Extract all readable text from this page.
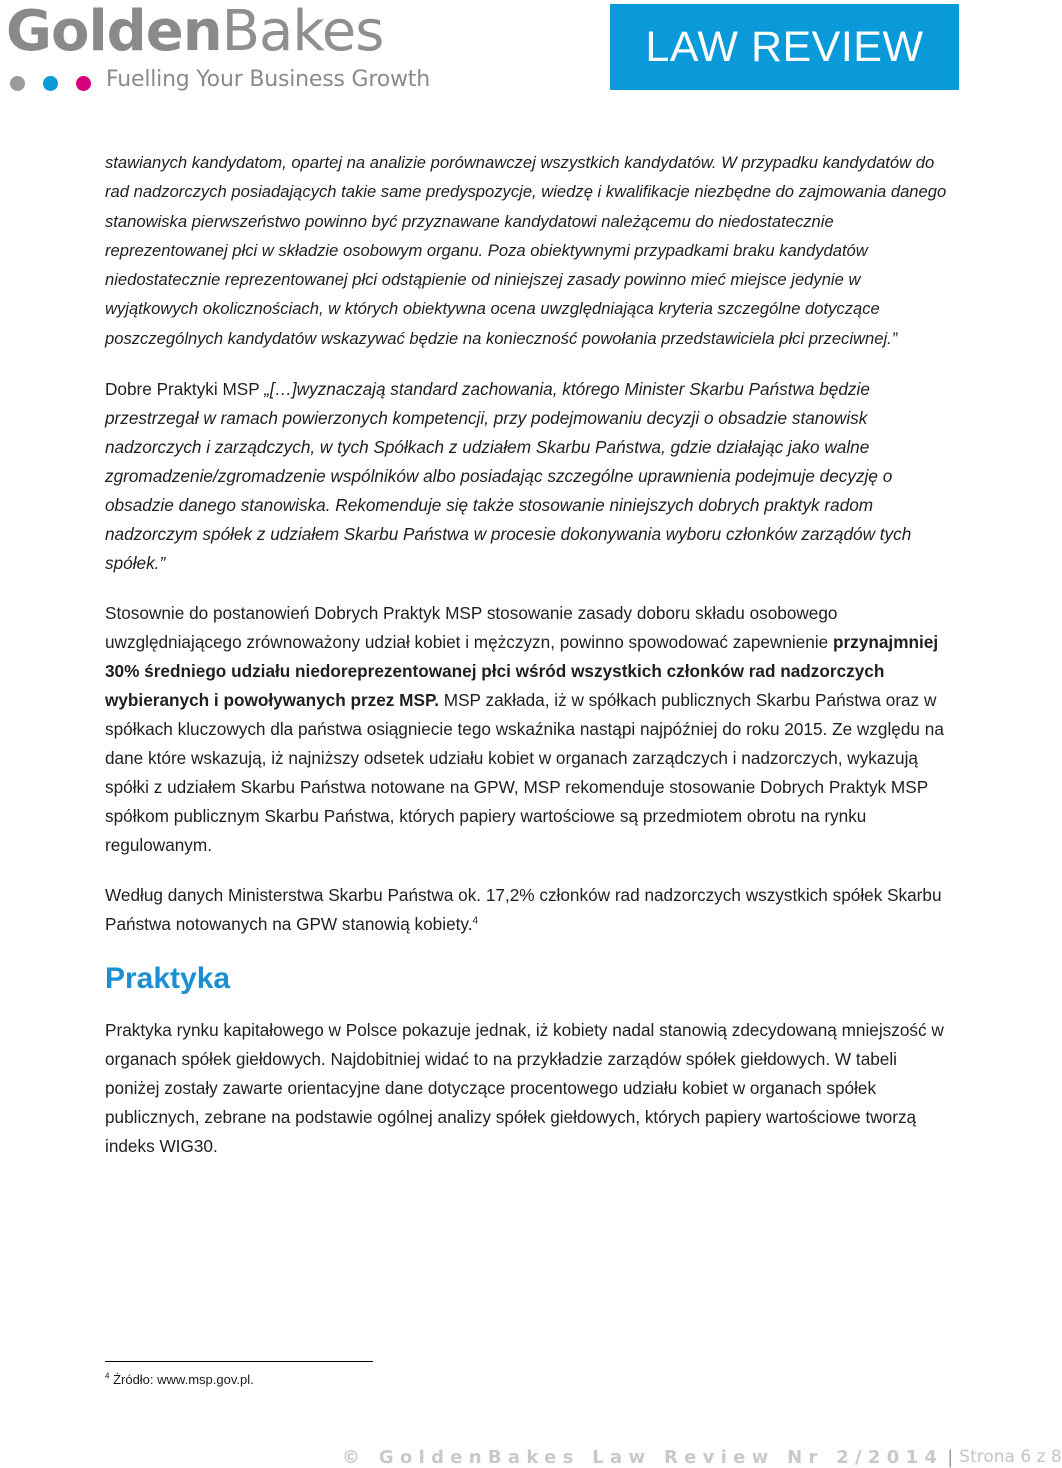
GoldenBakes
Fuelling Your Business Growth
LAW REVIEW

stawianych kandydatom, opartej na analizie porównawczej wszystkich kandydatów. W przypadku kandydatów do rad nadzorczych posiadających takie same predyspozycje, wiedzę i kwalifikacje niezbędne do zajmowania danego stanowiska pierwszeństwo powinno być przyznawane kandydatowi należącemu do niedostatecznie reprezentowanej płci w składzie osobowym organu. Poza obiektywnymi przypadkami braku kandydatów niedostatecznie reprezentowanej płci odstąpienie od niniejszej zasady powinno mieć miejsce jedynie w wyjątkowych okolicznościach, w których obiektywna ocena uwzględniająca kryteria szczególne dotyczące poszczególnych kandydatów wskazywać będzie na konieczność powołania przedstawiciela płci przeciwnej.”

Dobre Praktyki MSP „[…]wyznaczają standard zachowania, którego Minister Skarbu Państwa będzie przestrzegał w ramach powierzonych kompetencji, przy podejmowaniu decyzji o obsadzie stanowisk nadzorczych i zarządczych, w tych Spółkach z udziałem Skarbu Państwa, gdzie działając jako walne zgromadzenie/zgromadzenie wspólników albo posiadając szczególne uprawnienia podejmuje decyzję o obsadzie danego stanowiska. Rekomenduje się także stosowanie niniejszych dobrych praktyk radom nadzorczym spółek z udziałem Skarbu Państwa w procesie dokonywania wyboru członków zarządów tych spółek.”

Stosownie do postanowień Dobrych Praktyk MSP stosowanie zasady doboru składu osobowego uwzględniającego zrównoważony udział kobiet i mężczyzn, powinno spowodować zapewnienie przynajmniej 30% średniego udziału niedoreprezentowanej płci wśród wszystkich członków rad nadzorczych wybieranych i powoływanych przez MSP. MSP zakłada, iż w spółkach publicznych Skarbu Państwa oraz w spółkach kluczowych dla państwa osiągniecie tego wskaźnika nastąpi najpóźniej do roku 2015. Ze względu na dane które wskazują, iż najniższy odsetek udziału kobiet w organach zarządczych i nadzorczych, wykazują spółki z udziałem Skarbu Państwa notowane na GPW, MSP rekomenduje stosowanie Dobrych Praktyk MSP spółkom publicznym Skarbu Państwa, których papiery wartościowe są przedmiotem obrotu na rynku regulowanym.

Według danych Ministerstwa Skarbu Państwa ok. 17,2% członków rad nadzorczych wszystkich spółek Skarbu Państwa notowanych na GPW stanowią kobiety.$^4$

Praktyka

Praktyka rynku kapitałowego w Polsce pokazuje jednak, iż kobiety nadal stanowią zdecydowaną mniejszość w organach spółek giełdowych. Najdobitniej widać to na przykładzie zarządów spółek giełdowych. W tabeli poniżej zostały zawarte orientacyjne dane dotyczące procentowego udziału kobiet w organach spółek publicznych, zebrane na podstawie ogólnej analizy spółek giełdowych, których papiery wartościowe tworzą indeks WIG30.

$^4$ Źródło: www.msp.gov.pl.
© GoldenBakes Law Review Nr 2/2014 | Strona 6 z 8
